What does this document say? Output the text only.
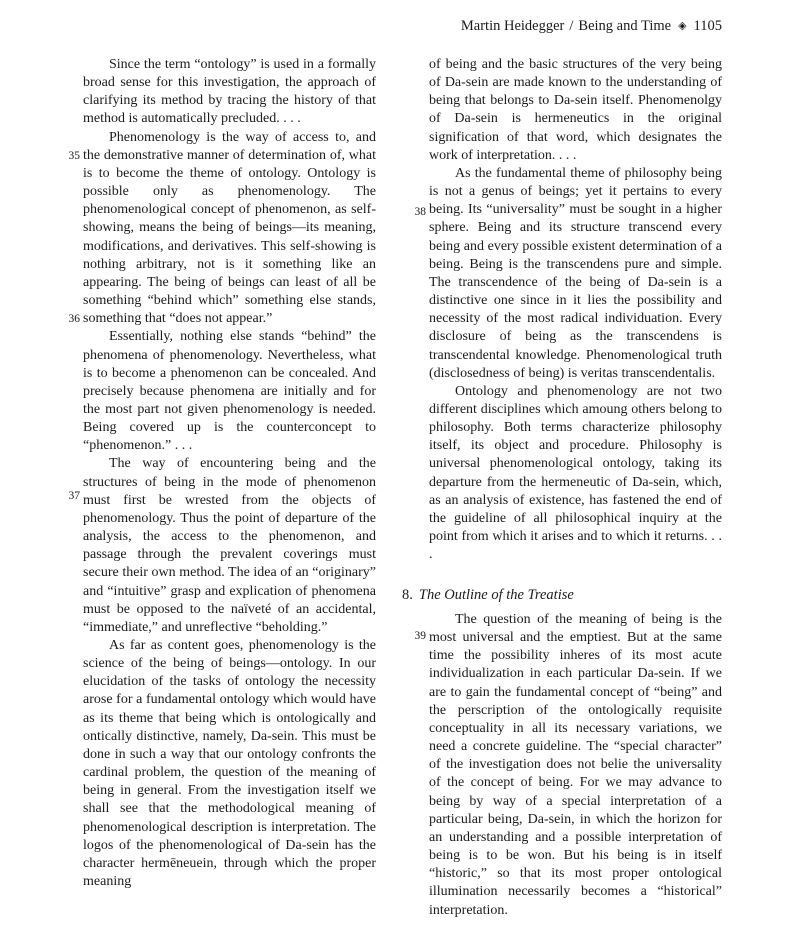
Martin Heidegger / Being and Time ◈ 1105

Since the term “ontology” is used in a formally broad sense for this investigation, the approach of clarifying its method by tracing the history of that method is automatically precluded. . . .

Phenomenology is the way of access to, and the demonstrative manner of determination of, what is to become the theme of ontology. Ontology is possible only as phenomenology. The phenomenological concept of phenomenon, as self-showing, means the being of beings—its meaning, modifications, and derivatives. This self-showing is nothing arbitrary, not is it something like an appearing. The being of beings can least of all be something “behind which” something else stands, something that “does not appear.”

Essentially, nothing else stands “behind” the phenomena of phenomenology. Nevertheless, what is to become a phenomenon can be concealed. And precisely because phenomena are initially and for the most part not given phenomenology is needed. Being covered up is the counterconcept to “phenomenon.” . . .

The way of encountering being and the structures of being in the mode of phenomenon must first be wrested from the objects of phenomenology. Thus the point of departure of the analysis, the access to the phenomenon, and passage through the prevalent coverings must secure their own method. The idea of an “originary” and “intuitive” grasp and explication of phenomena must be opposed to the naïveté of an accidental, “immediate,” and unreflective “beholding.”

As far as content goes, phenomenology is the science of the being of beings—ontology. In our elucidation of the tasks of ontology the necessity arose for a fundamental ontology which would have as its theme that being which is ontologically and ontically distinctive, namely, Da-sein. This must be done in such a way that our ontology confronts the cardinal problem, the question of the meaning of being in general. From the investigation itself we shall see that the methodological meaning of phenomenological description is interpretation. The logos of the phenomenological of Da-sein has the character hermēneuein, through which the proper meaning

35
36
37

of being and the basic structures of the very being of Da-sein are made known to the understanding of being that belongs to Da-sein itself. Phenomenolgy of Da-sein is hermeneutics in the original signification of that word, which designates the work of interpretation. . . .

As the fundamental theme of philosophy being is not a genus of beings; yet it pertains to every being. Its “universality” must be sought in a higher sphere. Being and its structure transcend every being and every possible existent determination of a being. Being is the transcendens pure and simple. The transcendence of the being of Da-sein is a distinctive one since in it lies the possibility and necessity of the most radical individuation. Every disclosure of being as the transcendens is transcendental knowledge. Phenomenological truth (disclosedness of being) is veritas transcendentalis.

Ontology and phenomenology are not two different disciplines which amoung others belong to philosophy. Both terms characterize philosophy itself, its object and procedure. Philosophy is universal phenomenological ontology, taking its departure from the hermeneutic of Da-sein, which, as an analysis of existence, has fastened the end of the guideline of all philosophical inquiry at the point from which it arises and to which it returns. . . .

38
39
8. The Outline of the Treatise

The question of the meaning of being is the most universal and the emptiest. But at the same time the possibility inheres of its most acute individualization in each particular Da-sein. If we are to gain the fundamental concept of “being” and the perscription of the ontologically requisite conceptuality in all its necessary variations, we need a concrete guideline. The “special character” of the investigation does not belie the universality of the concept of being. For we may advance to being by way of a special interpretation of a particular being, Da-sein, in which the horizon for an understanding and a possible interpretation of being is to be won. But his being is in itself “historic,” so that its most proper ontological illumination necessarily becomes a “historical” interpretation.
